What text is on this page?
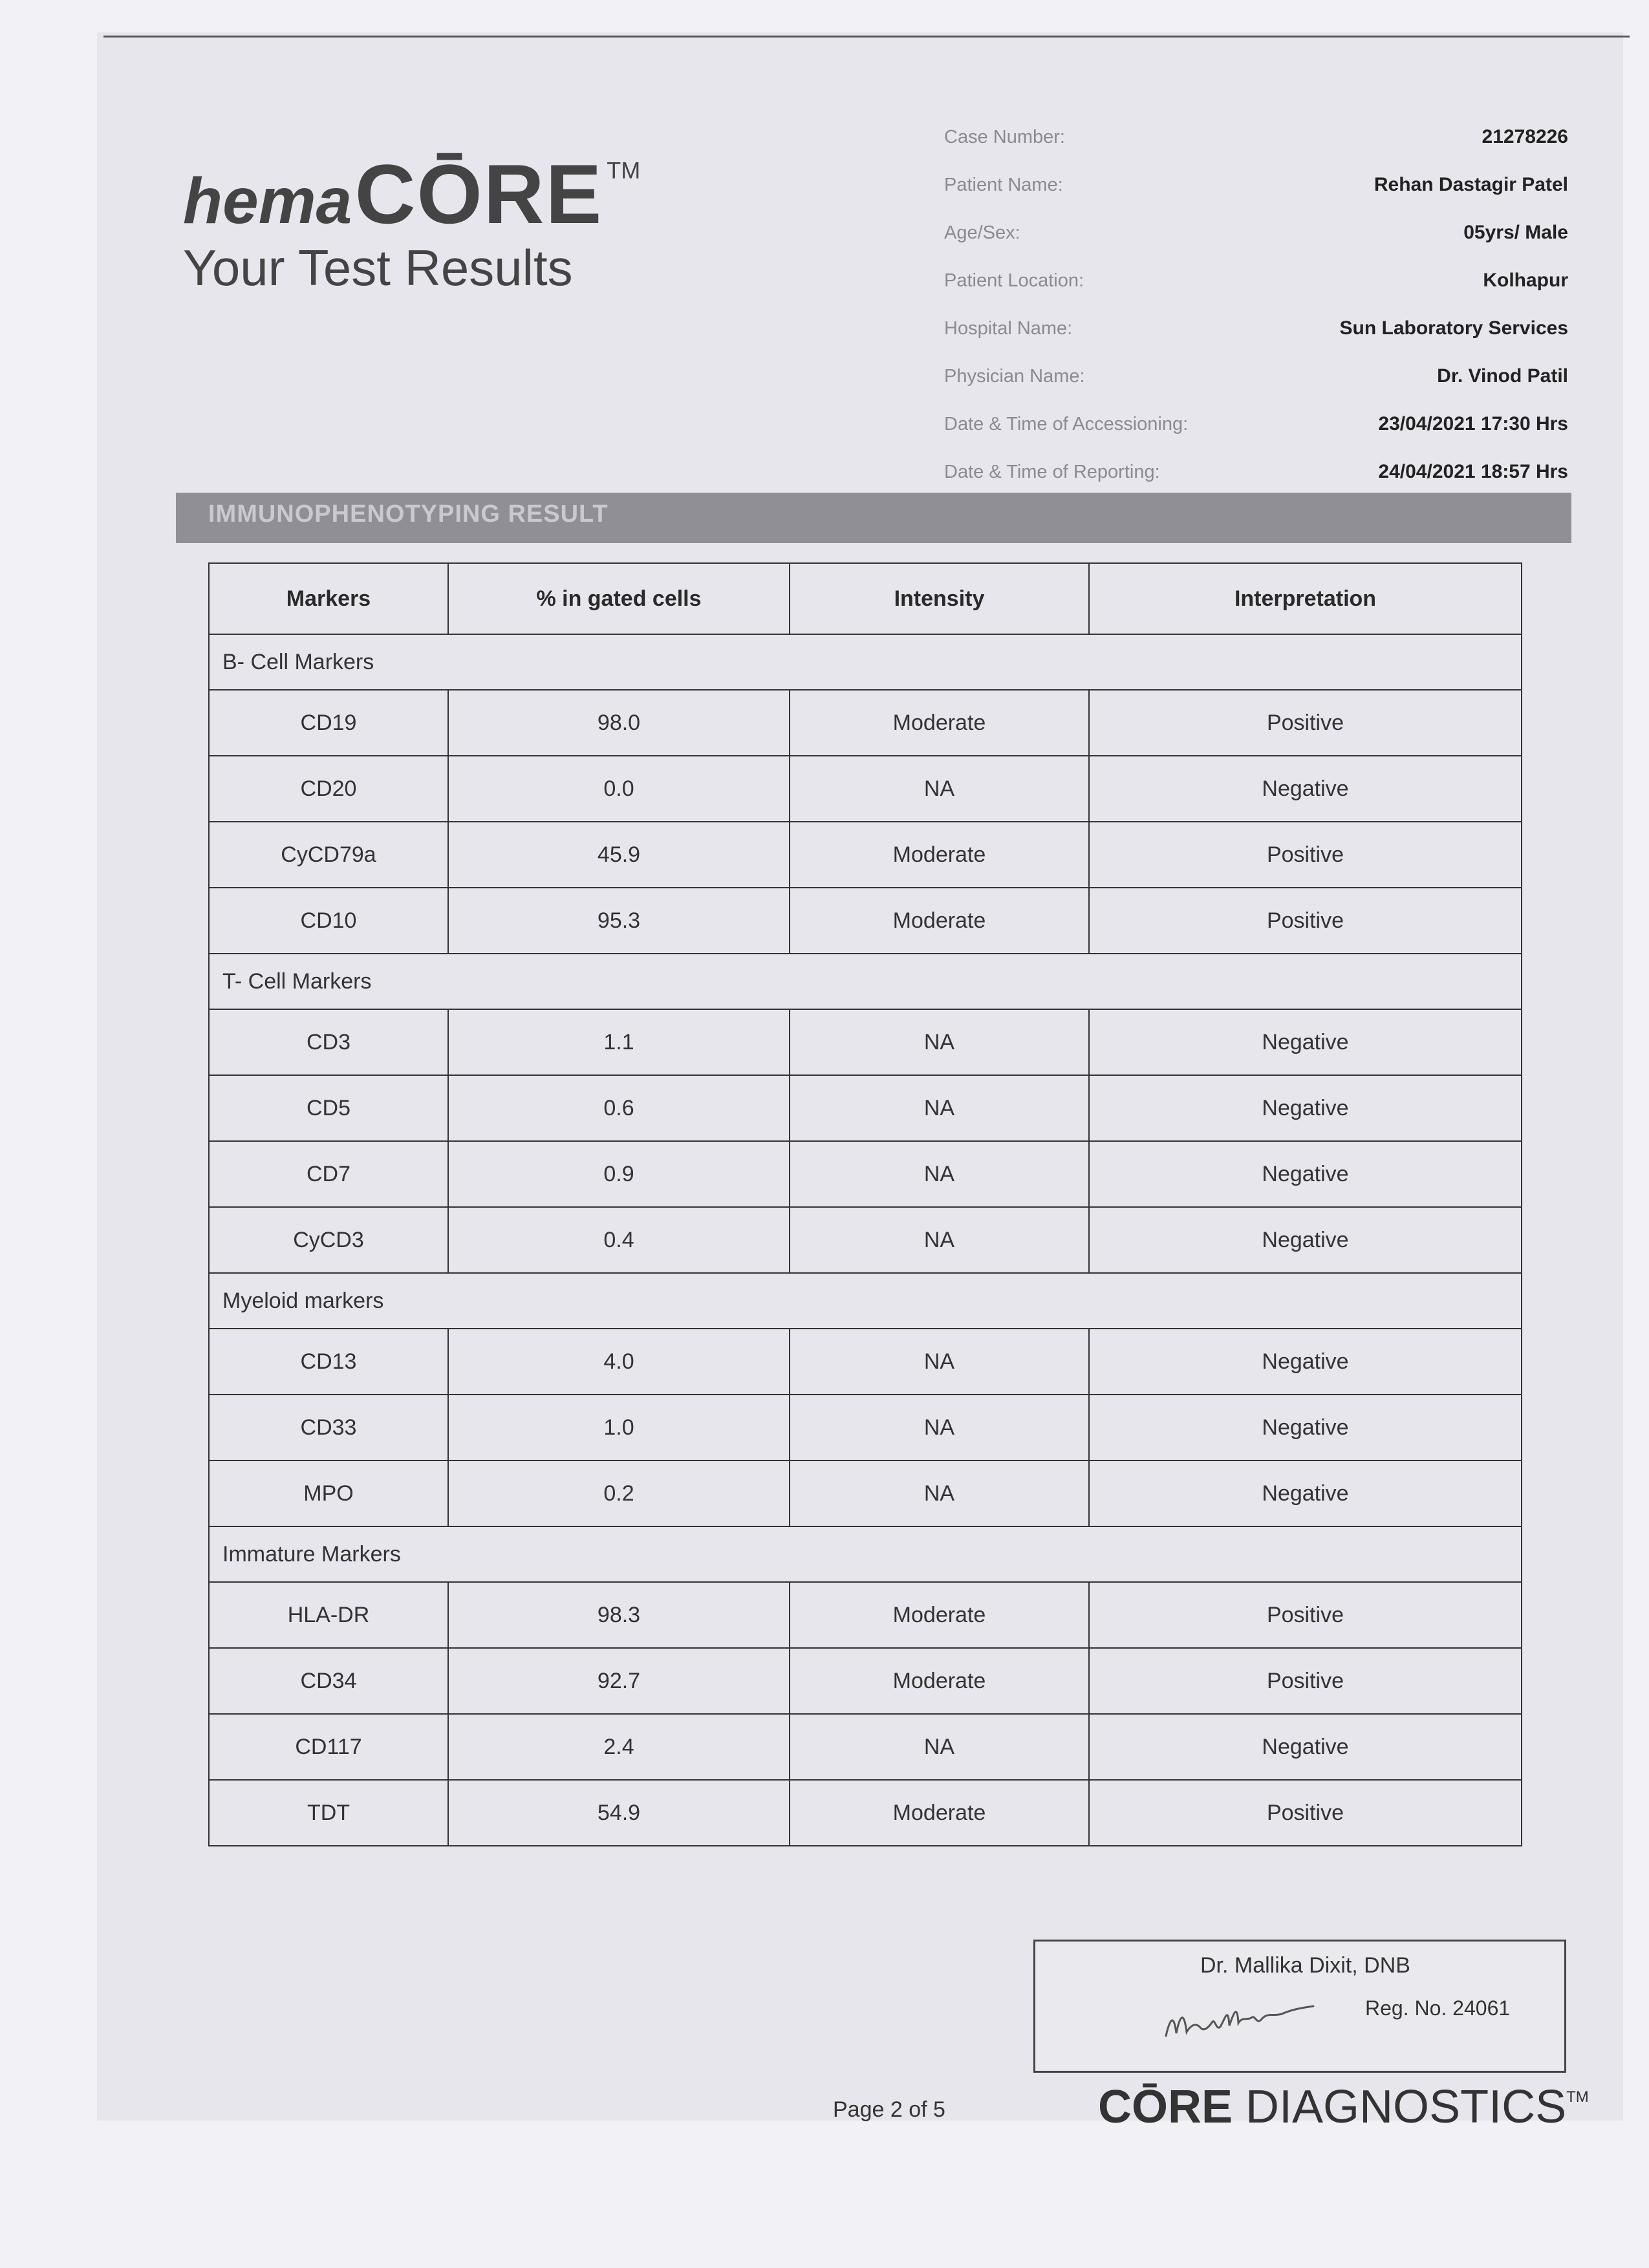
hema CŌRE TM
Your Test Results
Case Number:	21278226
Patient Name:	Rehan Dastagir Patel
Age/Sex:	05yrs/ Male
Patient Location:	Kolhapur
Hospital Name:	Sun Laboratory Services
Physician Name:	Dr. Vinod Patil
Date & Time of Accessioning:	23/04/2021 17:30 Hrs
Date & Time of Reporting:	24/04/2021 18:57 Hrs
IMMUNOPHENOTYPING RESULT
Markers	% in gated cells	Intensity	Interpretation
B- Cell Markers			
CD19	98.0	Moderate	Positive
CD20	0.0	NA	Negative
CyCD79a	45.9	Moderate	Positive
CD10	95.3	Moderate	Positive
T- Cell Markers			
CD3	1.1	NA	Negative
CD5	0.6	NA	Negative
CD7	0.9	NA	Negative
CyCD3	0.4	NA	Negative
Myeloid markers			
CD13	4.0	NA	Negative
CD33	1.0	NA	Negative
MPO	0.2	NA	Negative
Immature Markers			
HLA-DR	98.3	Moderate	Positive
CD34	92.7	Moderate	Positive
CD117	2.4	NA	Negative
TDT	54.9	Moderate	Positive
Dr. Mallika Dixit, DNB
Reg. No. 24061
Page 2 of 5	CŌRE DIAGNOSTICS™
